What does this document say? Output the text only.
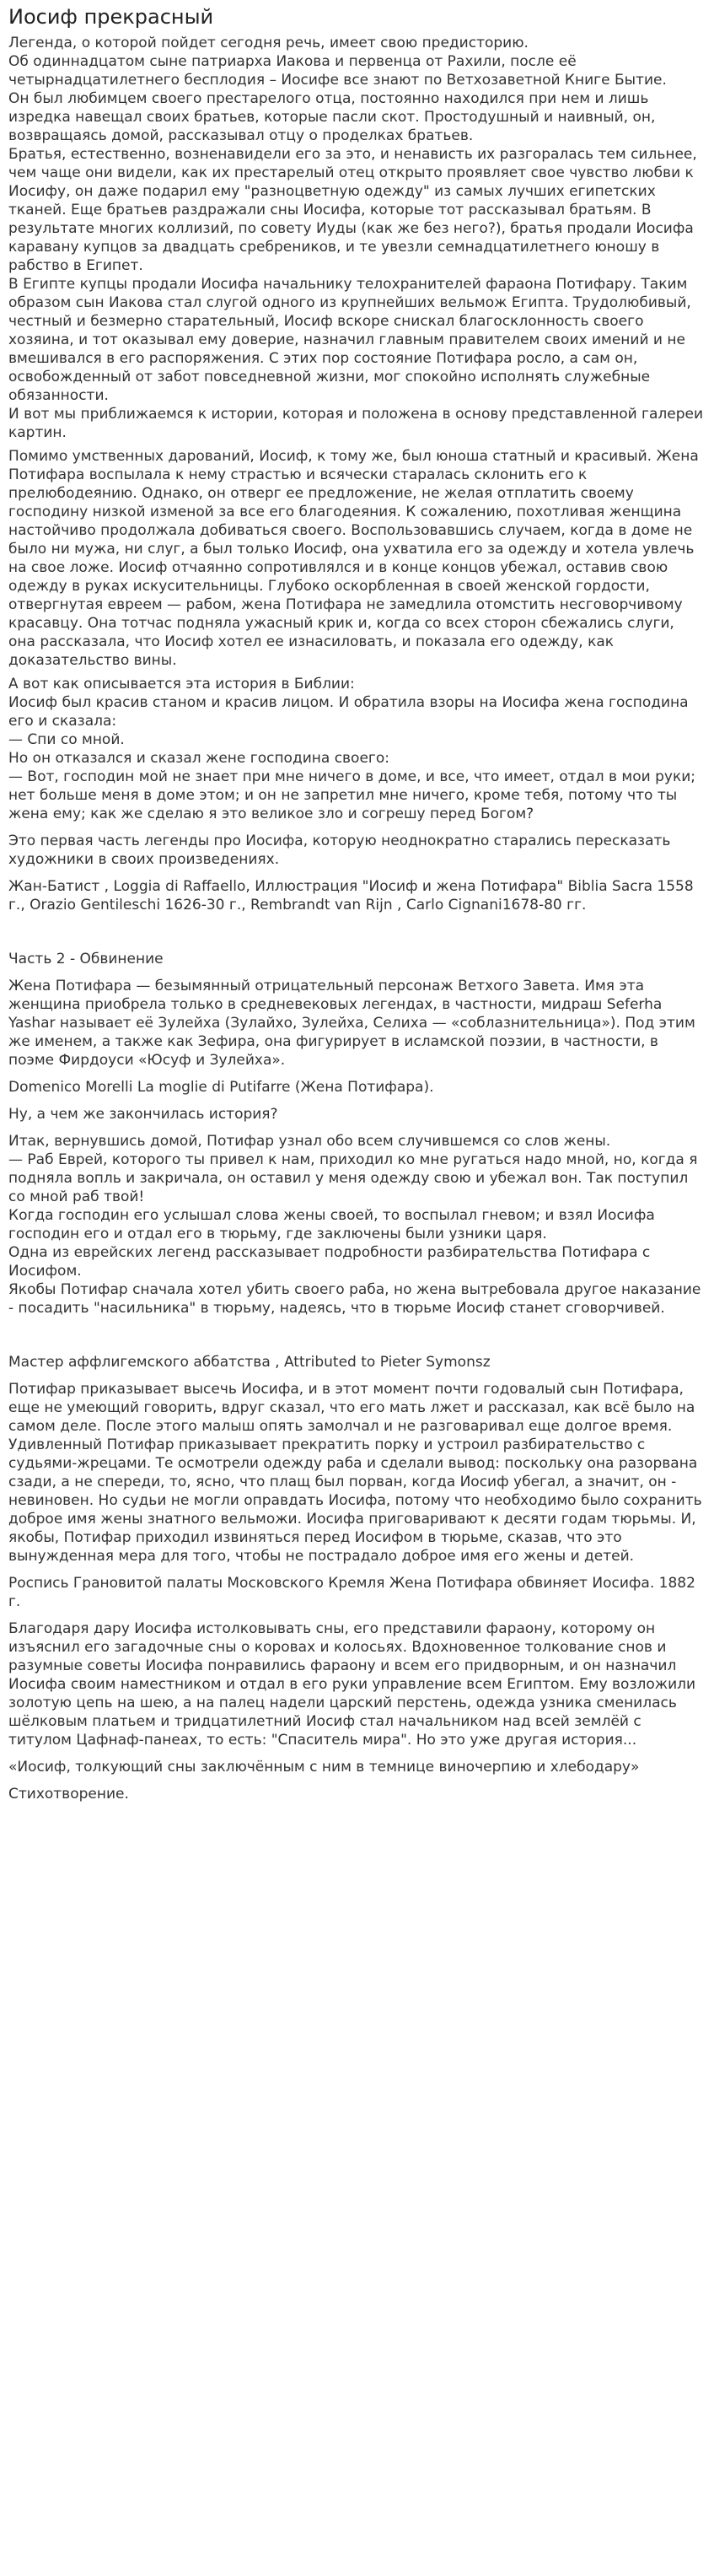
Иосиф прекрасный

Легенда, о которой пойдет сегодня речь, имеет свою предисторию.
Об одиннадцатом сыне патриарха Иакова и первенца от Рахили, после её четырнадцатилетнего бесплодия – Иосифе все знают по Ветхозаветной Книге Бытие.
Он был любимцем своего престарелого отца, постоянно находился при нем и лишь изредка навещал своих братьев, которые пасли скот. Простодушный и наивный, он, возвращаясь домой, рассказывал отцу о проделках братьев.
Братья, естественно, возненавидели его за это, и ненависть их разгоралась тем сильнее, чем чаще они видели, как их престарелый отец открыто проявляет свое чувство любви к Иосифу, он даже подарил ему "разноцветную одежду" из самых лучших египетских тканей. Еще братьев раздражали сны Иосифа, которые тот рассказывал братьям. В результате многих коллизий, по совету Иуды (как же без него?), братья продали Иосифа каравану купцов за двадцать сребреников, и те увезли семнадцатилетнего юношу в рабство в Египет.
В Египте купцы продали Иосифа начальнику телохранителей фараона Потифару. Таким образом сын Иакова стал слугой одного из крупнейших вельмож Египта. Трудолюбивый, честный и безмерно старательный, Иосиф вскоре снискал благосклонность своего хозяина, и тот оказывал ему доверие, назначил главным правителем своих имений и не вмешивался в его распоряжения. С этих пор состояние Потифара росло, а сам он, освобожденный от забот повседневной жизни, мог спокойно исполнять служебные обязанности.
И вот мы приближаемся к истории, которая и положена в основу представленной галереи картин.

Помимо умственных дарований, Иосиф, к тому же, был юноша статный и красивый. Жена Потифара воспылала к нему страстью и всячески старалась склонить его к прелюбодеянию. Однако, он отверг ее предложение, не желая отплатить своему господину низкой изменой за все его благодеяния. К сожалению, похотливая женщина настойчиво продолжала добиваться своего. Воспользовавшись случаем, когда в доме не было ни мужа, ни слуг, а был только Иосиф, она ухватила его за одежду и хотела увлечь на свое ложе. Иосиф отчаянно сопротивлялся и в конце концов убежал, оставив свою одежду в руках искусительницы. Глубоко оскорбленная в своей женской гордости, отвергнутая евреем — рабом, жена Потифара не замедлила отомстить несговорчивому красавцу. Она тотчас подняла ужасный крик и, когда со всех сторон сбежались слуги, она рассказала, что Иосиф хотел ее изнасиловать, и показала его одежду, как доказательство вины.

А вот как описывается эта история в Библии:
Иосиф был красив станом и красив лицом. И обратила взоры на Иосифа жена господина его и сказала:
— Спи со мной.
Но он отказался и сказал жене господина своего:
— Вот, господин мой не знает при мне ничего в доме, и все, что имеет, отдал в мои руки; нет больше меня в доме этом; и он не запретил мне ничего, кроме тебя, потому что ты жена ему; как же сделаю я это великое зло и согрешу перед Богом?

Это первая часть легенды про Иосифа, которую неоднократно старались пересказать художники в своих произведениях.

Жан-Батист , Loggia di Raffaello, Иллюстрация "Иосиф и жена Потифара" Biblia Sacra 1558 г., Orazio Gentileschi 1626-30 г., Rembrandt van Rijn , Carlo Cignani1678-80 гг.

Часть 2 - Обвинение

Жена Потифара — безымянный отрицательный персонаж Ветхого Завета. Имя эта женщина приобрела только в средневековых легендах, в частности, мидраш Seferha Yashar называет её Зулейха (Зулайхо, Зулейха, Селиха — «соблазнительница»). Под этим же именем, а также как Зефира, она фигурирует в исламской поэзии, в частности, в поэме Фирдоуси «Юсуф и Зулейха».

Domenico Morelli La moglie di Putifarre (Жена Потифара).

Ну, а чем же закончилась история?

Итак, вернувшись домой, Потифар узнал обо всем случившемся со слов жены.
— Раб Еврей, которого ты привел к нам, приходил ко мне ругаться надо мной, но, когда я подняла вопль и закричала, он оставил у меня одежду свою и убежал вон. Так поступил со мной раб твой!
Когда господин его услышал слова жены своей, то воспылал гневом; и взял Иосифа господин его и отдал его в тюрьму, где заключены были узники царя.
Одна из еврейских легенд рассказывает подробности разбирательства Потифара с Иосифом.
Якобы Потифар сначала хотел убить своего раба, но жена вытребовала другое наказание - посадить "насильника" в тюрьму, надеясь, что в тюрьме Иосиф станет сговорчивей.

Мастер аффлигемского аббатства , Attributed to Pieter Symonsz

Потифар приказывает высечь Иосифа, и в этот момент почти годовалый сын Потифара, еще не умеющий говорить, вдруг сказал, что его мать лжет и рассказал, как всё было на самом деле. После этого малыш опять замолчал и не разговаривал еще долгое время. Удивленный Потифар приказывает прекратить порку и устроил разбирательство с судьями-жрецами. Те осмотрели одежду раба и сделали вывод: поскольку она разорвана сзади, а не спереди, то, ясно, что плащ был порван, когда Иосиф убегал, а значит, он - невиновен. Но судьи не могли оправдать Иосифа, потому что необходимо было сохранить доброе имя жены знатного вельможи. Иосифа приговаривают к десяти годам тюрьмы. И, якобы, Потифар приходил извиняться перед Иосифом в тюрьме, сказав, что это вынужденная мера для того, чтобы не пострадало доброе имя его жены и детей.

Роспись Грановитой палаты Московского Кремля Жена Потифара обвиняет Иосифа. 1882 г.

Благодаря дару Иосифа истолковывать сны, его представили фараону, которому он изъяснил его загадочные сны о коровах и колосьях. Вдохновенное толкование снов и разумные советы Иосифа понравились фараону и всем его придворным, и он назначил Иосифа своим наместником и отдал в его руки управление всем Египтом. Ему возложили золотую цепь на шею, а на палец надели царский перстень, одежда узника сменилась шёлковым платьем и тридцатилетний Иосиф стал начальником над всей землёй с титулом Цафнаф-панеах, то есть: "Спаситель мира". Но это уже другая история...

«Иосиф, толкующий сны заключённым с ним в темнице виночерпию и хлебодару»

Стихотворение.
